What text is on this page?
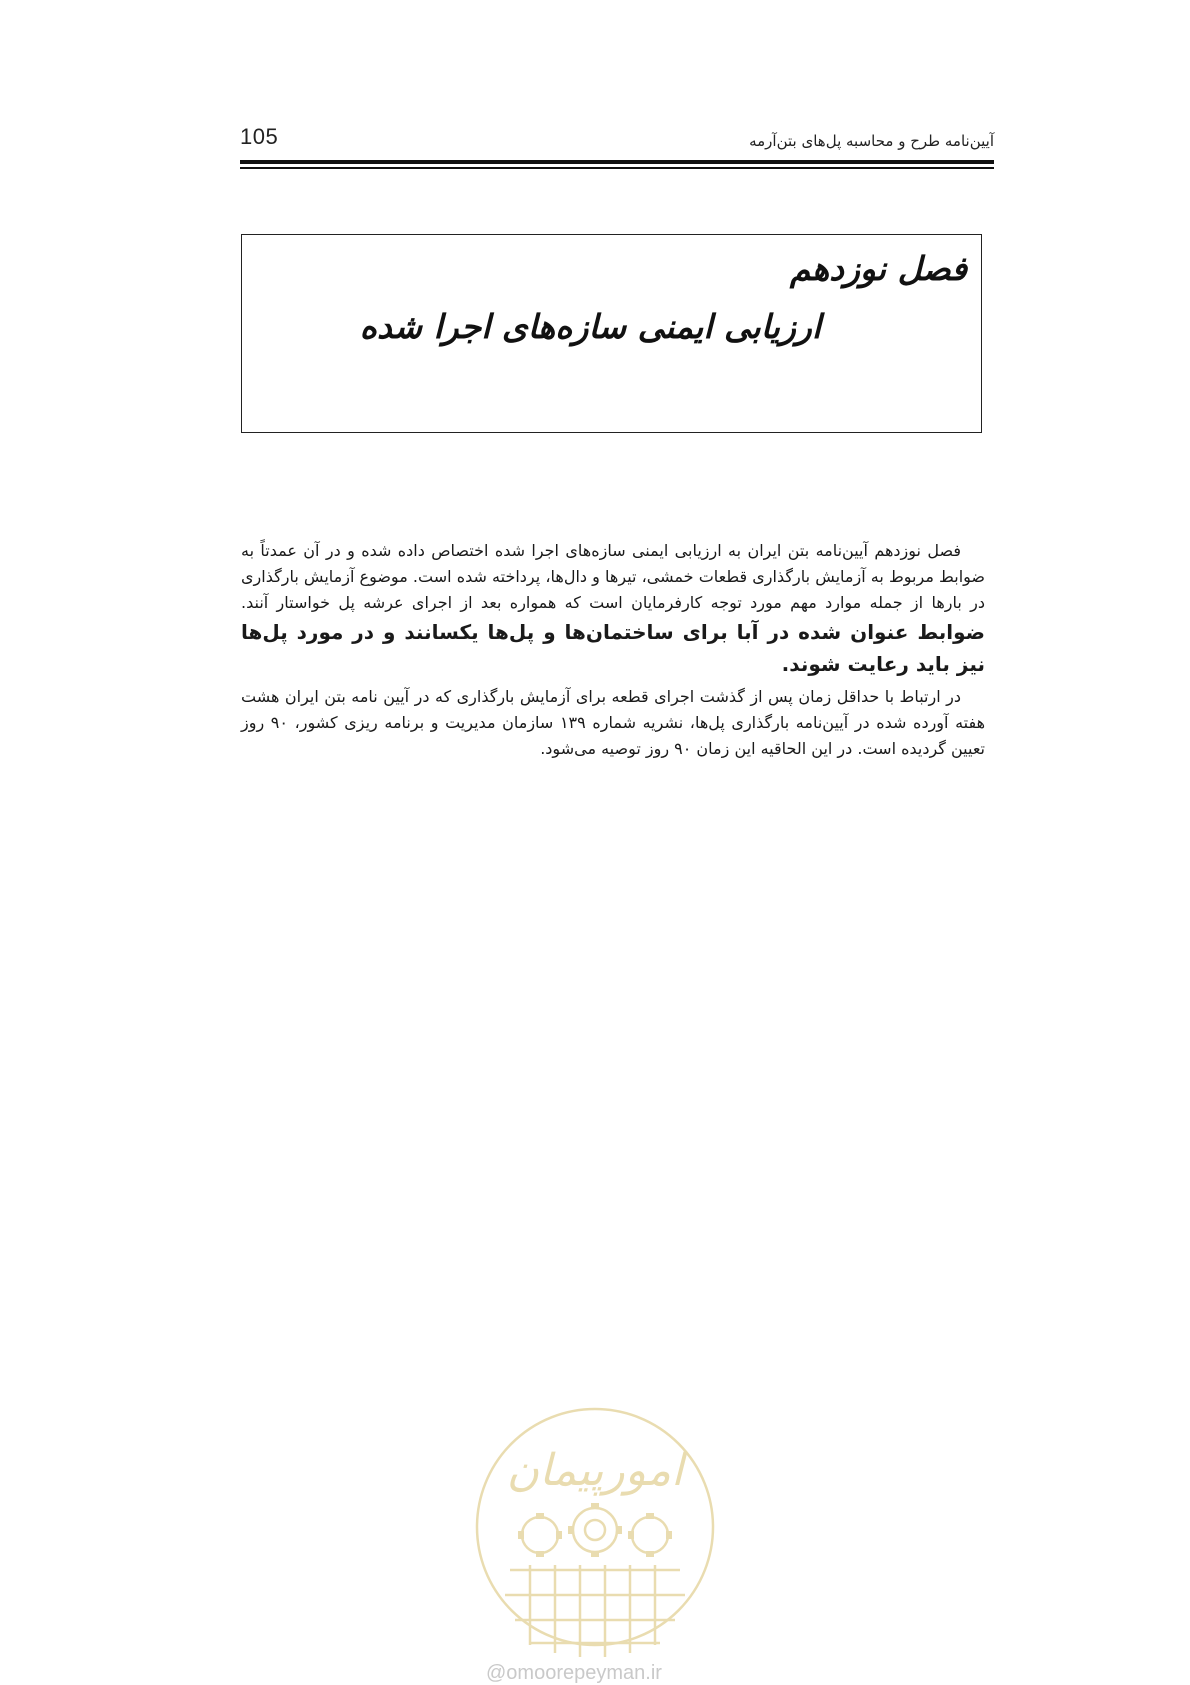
105	آیین‌نامه طرح و محاسبه پل‌های بتن‌آرمه
فصل نوزدهم
ارزیابی ایمنی سازه‌های اجرا شده

فصل نوزدهم آیین‌نامه بتن ایران به ارزیابی ایمنی سازه‌های اجرا شده اختصاص داده شده و در آن عمدتاً به ضوابط مربوط به آزمایش بارگذاری قطعات خمشی، تیرها و دال‌ها، پرداخته شده است. موضوع آزمایش بارگذاری در بارها از جمله موارد مهم مورد توجه کارفرمایان است که همواره بعد از اجرای عرشه پل خواستار آنند. ضوابط عنوان شده در آبا برای ساختمان‌ها و پل‌ها یکسانند و در مورد پل‌ها نیز باید رعایت شوند.

در ارتباط با حداقل زمان پس از گذشت اجرای قطعه برای آزمایش بارگذاری که در آیین نامه بتن ایران هشت هفته آورده شده در آیین‌نامه بارگذاری پل‌ها، نشریه شماره ۱۳۹ سازمان مدیریت و برنامه ریزی کشور، ۹۰ روز تعیین گردیده است. در این الحاقیه این زمان ۹۰ روز توصیه می‌شود.

امورپیمان
@omoorepeyman.ir
